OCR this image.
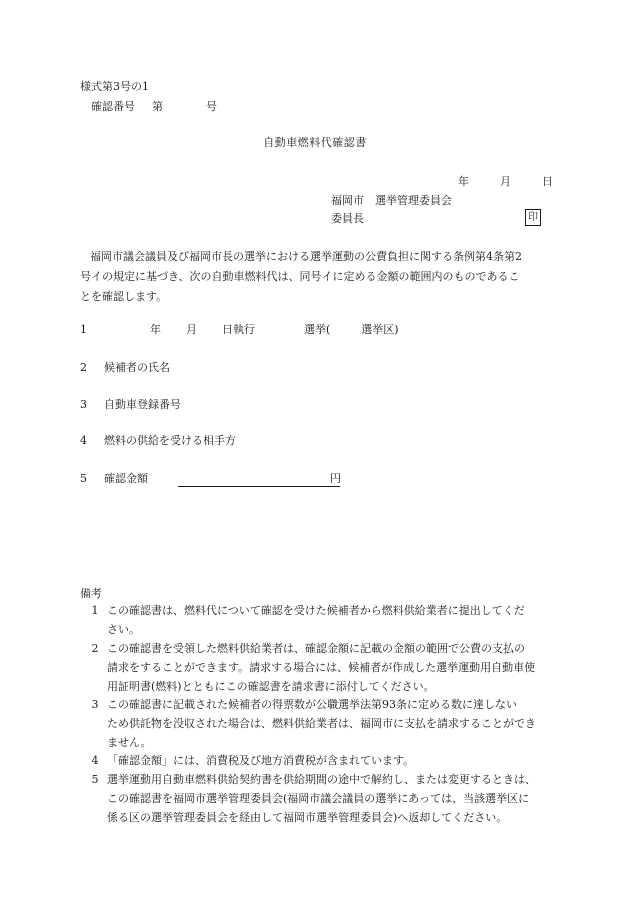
様式第3号の1
確認番号 第	号
自動車燃料代確認書
年	月	日
福岡市　選挙管理委員会
委員長	印
福岡市議会議員及び福岡市長の選挙における選挙運動の公費負担に関する条例第4条第2
号イの規定に基づき、次の自動車燃料代は、同号イに定める金額の範囲内のものであるこ
とを確認します。
1	年 月 日執行	選挙(	選挙区)
2 候補者の氏名
3 自動車登録番号
4 燃料の供給を受ける相手方
5 確認金額	円
備考
1 この確認書は、燃料代について確認を受けた候補者から燃料供給業者に提出してくだ
さい。
2 この確認書を受領した燃料供給業者は、確認金額に記載の金額の範囲で公費の支払の
請求をすることができます。請求する場合には、候補者が作成した選挙運動用自動車使
用証明書(燃料)とともにこの確認書を請求書に添付してください。
3 この確認書に記載された候補者の得票数が公職選挙法第93条に定める数に達しない
ため供託物を没収された場合は、燃料供給業者は、福岡市に支払を請求することができ
ません。
4 「確認金額」には、消費税及び地方消費税が含まれています。
5 選挙運動用自動車燃料供給契約書を供給期間の途中で解約し、または変更するときは、
この確認書を福岡市選挙管理委員会(福岡市議会議員の選挙にあっては、当該選挙区に
係る区の選挙管理委員会を経由して福岡市選挙管理委員会)へ返却してください。
